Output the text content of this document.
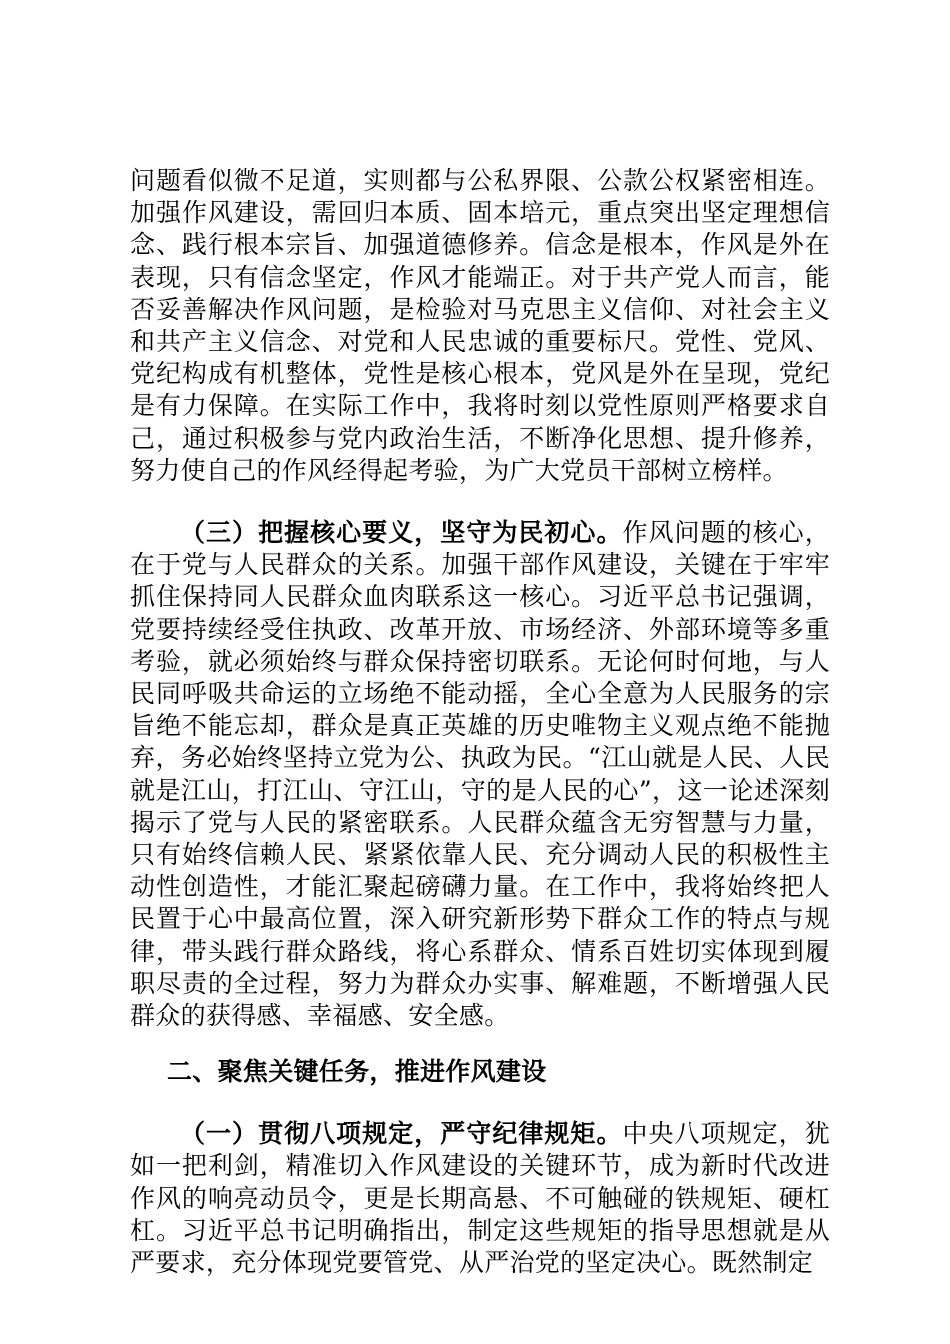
问题看似微不足道，实则都与公私界限、公款公权紧密相连。加强作风建设，需回归本质、固本培元，重点突出坚定理想信念、践行根本宗旨、加强道德修养。信念是根本，作风是外在表现，只有信念坚定，作风才能端正。对于共产党人而言，能否妥善解决作风问题，是检验对马克思主义信仰、对社会主义和共产主义信念、对党和人民忠诚的重要标尺。党性、党风、党纪构成有机整体，党性是核心根本，党风是外在呈现，党纪是有力保障。在实际工作中，我将时刻以党性原则严格要求自己，通过积极参与党内政治生活，不断净化思想、提升修养，努力使自己的作风经得起考验，为广大党员干部树立榜样。

（三）把握核心要义，坚守为民初心。作风问题的核心，在于党与人民群众的关系。加强干部作风建设，关键在于牢牢抓住保持同人民群众血肉联系这一核心。习近平总书记强调，党要持续经受住执政、改革开放、市场经济、外部环境等多重考验，就必须始终与群众保持密切联系。无论何时何地，与人民同呼吸共命运的立场绝不能动摇，全心全意为人民服务的宗旨绝不能忘却，群众是真正英雄的历史唯物主义观点绝不能抛弃，务必始终坚持立党为公、执政为民。“江山就是人民、人民就是江山，打江山、守江山，守的是人民的心”，这一论述深刻揭示了党与人民的紧密联系。人民群众蕴含无穷智慧与力量，只有始终信赖人民、紧紧依靠人民、充分调动人民的积极性主动性创造性，才能汇聚起磅礴力量。在工作中，我将始终把人民置于心中最高位置，深入研究新形势下群众工作的特点与规律，带头践行群众路线，将心系群众、情系百姓切实体现到履职尽责的全过程，努力为群众办实事、解难题，不断增强人民群众的获得感、幸福感、安全感。

二、聚焦关键任务，推进作风建设

（一）贯彻八项规定，严守纪律规矩。中央八项规定，犹如一把利剑，精准切入作风建设的关键环节，成为新时代改进作风的响亮动员令，更是长期高悬、不可触碰的铁规矩、硬杠杠。习近平总书记明确指出，制定这些规矩的指导思想就是从严要求，充分体现党要管党、从严治党的坚定决心。既然制定
